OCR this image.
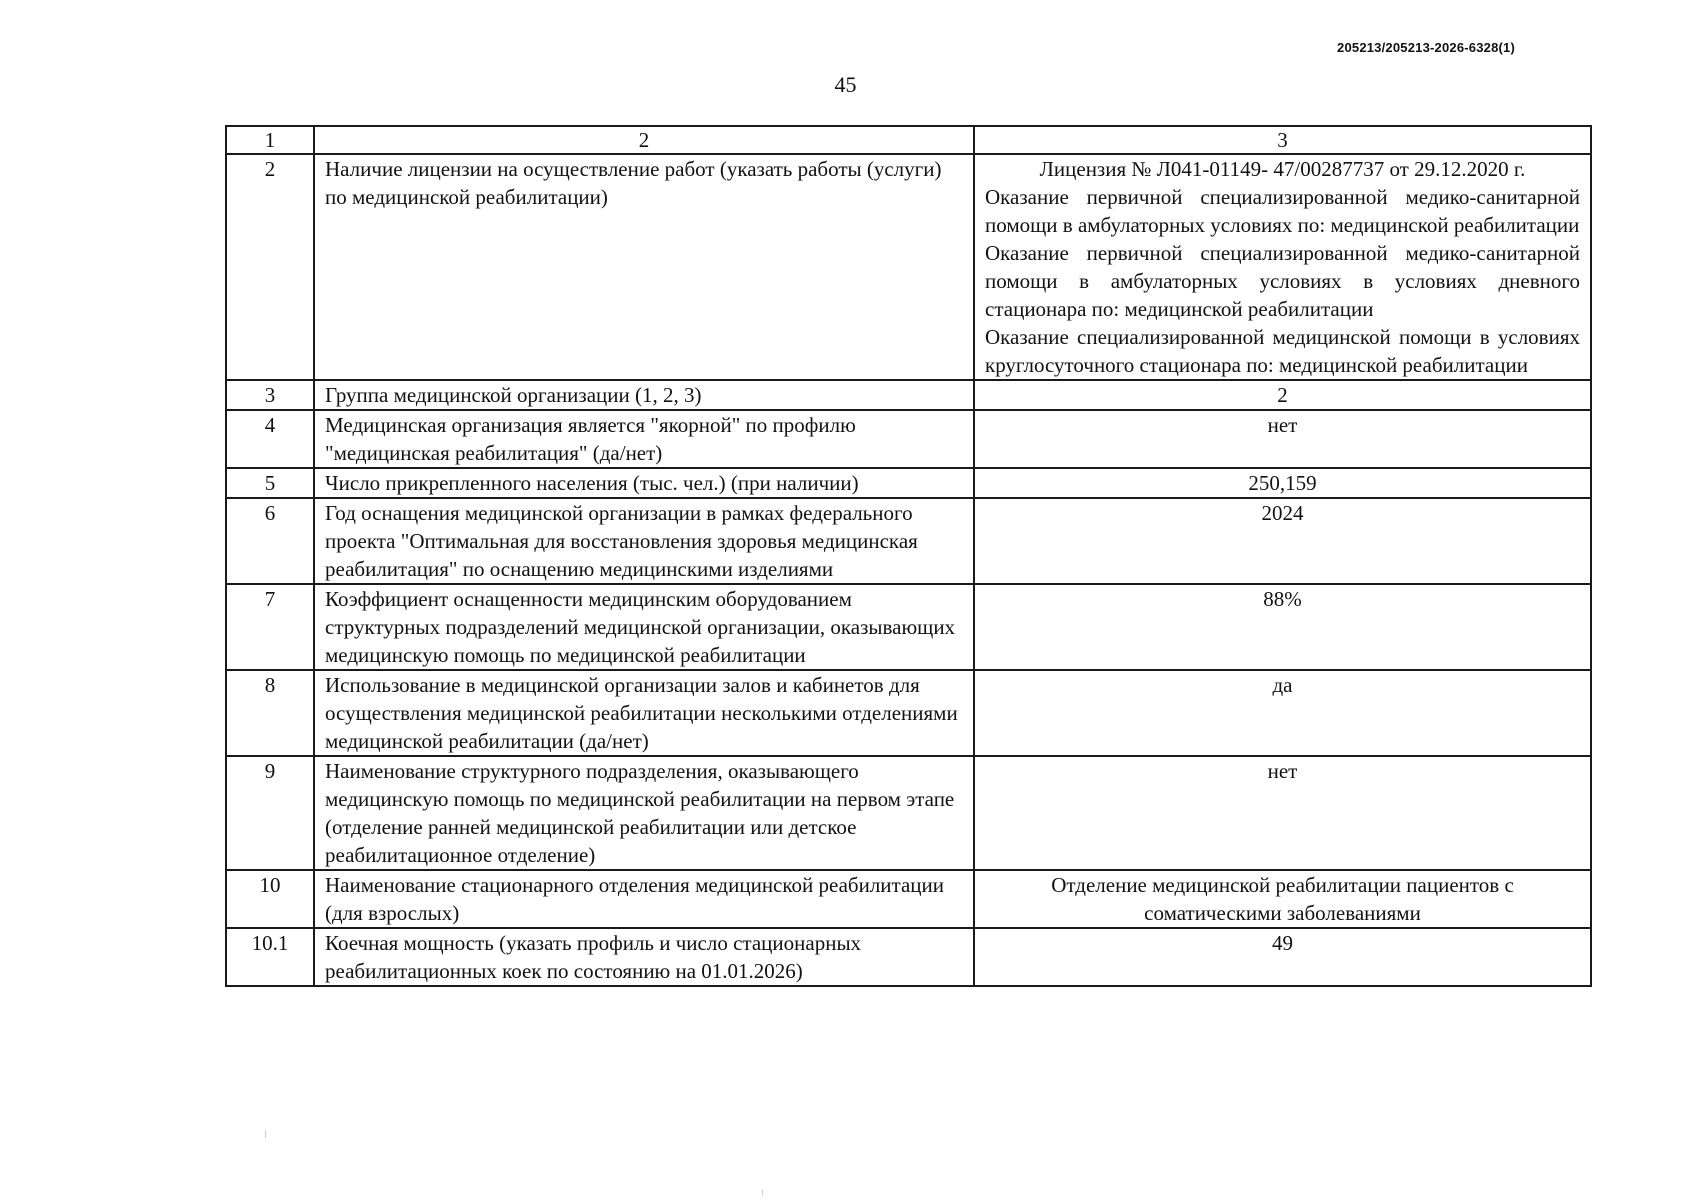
205213/205213-2026-6328(1)
45
1	2	3
2	Наличие лицензии на осуществление работ (указать работы (услуги) по медицинской реабилитации)	Лицензия № Л041-01149- 47/00287737 от 29.12.2020 г.
Оказание первичной специализированной медико-санитарной помощи в амбулаторных условиях по: медицинской реабилитации
Оказание первичной специализированной медико-санитарной помощи в амбулаторных условиях в условиях дневного стационара по: медицинской реабилитации
Оказание специализированной медицинской помощи в условиях круглосуточного стационара по: медицинской реабилитации

3	Группа медицинской организации (1, 2, 3)	2
4	Медицинская организация является "якорной" по профилю "медицинская реабилитация" (да/нет)	нет
5	Число прикрепленного населения (тыс. чел.) (при наличии)	250,159
6	Год оснащения медицинской организации в рамках федерального проекта "Оптимальная для восстановления здоровья медицинская реабилитация" по оснащению медицинскими изделиями	2024
7	Коэффициент оснащенности медицинским оборудованием структурных подразделений медицинской организации, оказывающих медицинскую помощь по медицинской реабилитации	88%
8	Использование в медицинской организации залов и кабинетов для осуществления медицинской реабилитации несколькими отделениями медицинской реабилитации (да/нет)	да
9	Наименование структурного подразделения, оказывающего медицинскую помощь по медицинской реабилитации на первом этапе (отделение ранней медицинской реабилитации или детское реабилитационное отделение)	нет
10	Наименование стационарного отделения медицинской реабилитации (для взрослых)	Отделение медицинской реабилитации пациентов с соматическими заболеваниями
10.1	Коечная мощность (указать профиль и число стационарных реабилитационных коек по состоянию на 01.01.2026)	49
